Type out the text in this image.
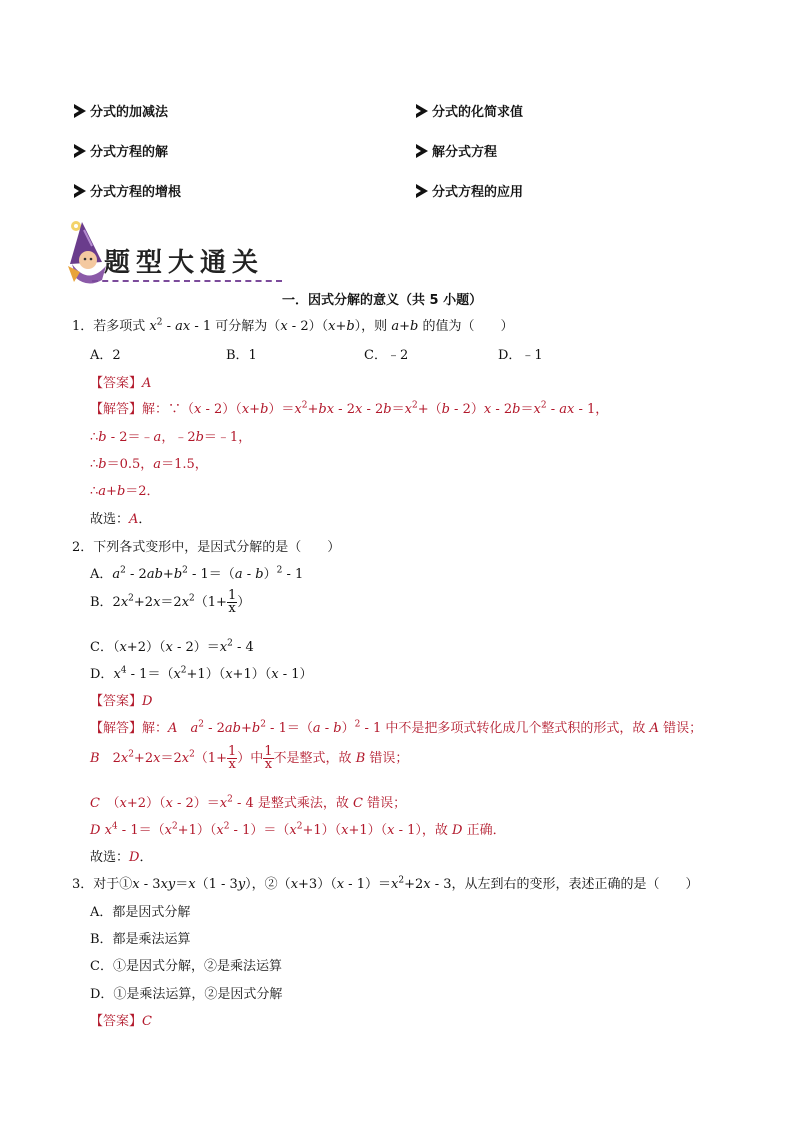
分式的加减法	分式的化简求值
分式方程的解	解分式方程
分式方程的增根	分式方程的应用
题型大通关
一．因式分解的意义（共 5 小题）
1．若多项式 $x^2$ - ax - 1 可分解为（x - 2）（x+b），则 a+b 的值为（　　）
A．2	B．1	C．﹣2	D．﹣1
【答案】A
【解答】解：∵（x - $2)(x+b)=x^2+bx - 2x - 2b=x^2+(b - 2)x - 2b=x^2$ - ax - 1，
∴b - 2＝﹣a，﹣2b＝﹣1，
∴b＝0.5，a＝1.5，
∴a+b＝2．
故选：A．
2．下列各式变形中，是因式分解的是（　　）
A．$a^2 - 2ab+b^2 - 1=(a - b)^2 - 1$
B．$2x^2+2x=2x^2(1+ \frac{1}{x}$ ）
C．$(x+2)(x - 2)=x^2 - 4$
D．$x^4 - 1=(x^2+1)(x+1)(x - 1)$
【答案】D
【解答】解：A　 $a^2 - 2ab+b^2 - 1=(a - b)^2 - 1$ 中不是把多项式转化成几个整式积的形式，故 A 错误；
B　$2x^2+2x=2x^2(1+ \frac{1}{x}$ ）中 $\frac{1}{x}$ 不是整式，故 B 错误；
C　$(x+2)(x - 2)=x^2 - 4$ 是整式乘法，故 C 错误；
D $x^4 - 1=(x^2+1)(x^2 - 1)=(x^2+1)(x+1)(x - 1)$，故 D 正确．
故选：D．
3．对于①x - 3xy＝x（1 - 3y），②（x+3）（x - $1)=x^2+2x - 3$，从左到右的变形，表述正确的是（　　）
A．都是因式分解
B．都是乘法运算
C．①是因式分解，②是乘法运算
D．①是乘法运算，②是因式分解
【答案】C
